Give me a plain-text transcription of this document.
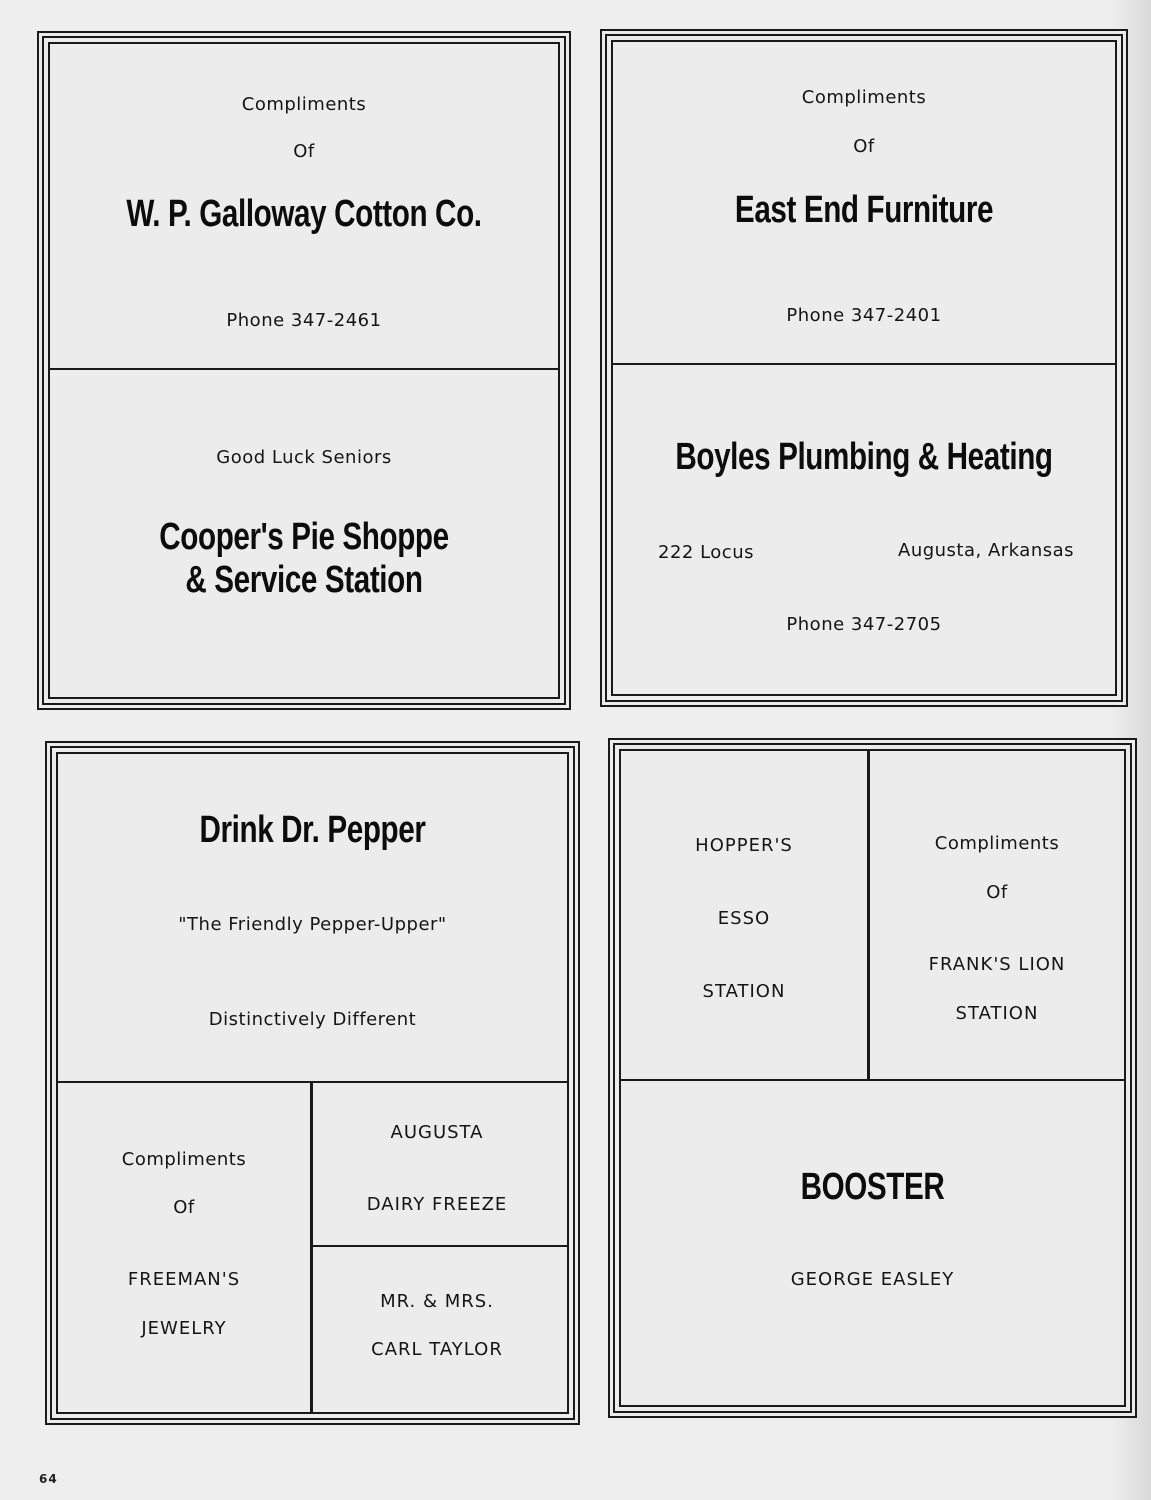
Compliments
Of
W. P. Galloway Cotton Co.
Phone 347-2461
Good Luck Seniors
Cooper's Pie Shoppe
& Service Station
Compliments
Of
East End Furniture
Phone 347-2401
Boyles Plumbing & Heating
222 Locus	Augusta, Arkansas
Phone 347-2705
Drink Dr. Pepper
"The Friendly Pepper-Upper"
Distinctively Different
Compliments
Of
FREEMAN'S
JEWELRY
AUGUSTA
DAIRY FREEZE
MR. & MRS.
CARL TAYLOR
HOPPER'S
ESSO
STATION
Compliments
Of
FRANK'S LION
STATION
BOOSTER
GEORGE EASLEY
64
